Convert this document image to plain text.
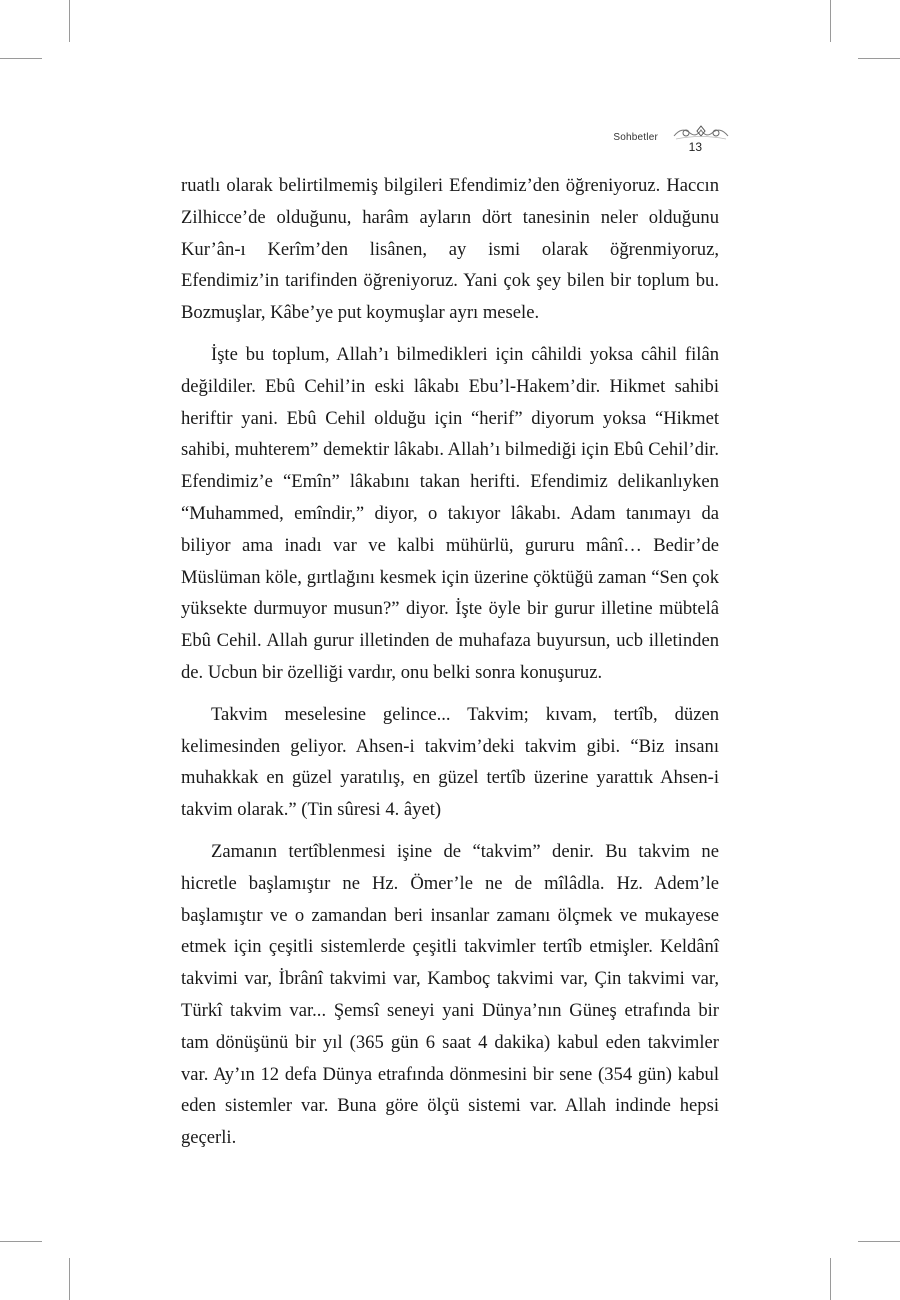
Sohbetler
13

ruatlı olarak belirtilmemiş bilgileri Efendimiz’den öğreniyoruz. Haccın Zilhicce’de olduğunu, harâm ayların dört tanesinin neler olduğunu Kur’ân-ı Kerîm’den lisânen, ay ismi olarak öğrenmiyoruz, Efendimiz’in tarifinden öğreniyoruz. Yani çok şey bilen bir toplum bu. Bozmuşlar, Kâbe’ye put koymuşlar ayrı mesele.

İşte bu toplum, Allah’ı bilmedikleri için câhildi yoksa câhil filân değildiler. Ebû Cehil’in eski lâkabı Ebu’l-Hakem’dir. Hikmet sahibi heriftir yani. Ebû Cehil olduğu için “herif” diyorum yoksa “Hikmet sahibi, muhterem” demektir lâkabı. Allah’ı bilmediği için Ebû Cehil’dir. Efendimiz’e “Emîn” lâkabını takan herifti. Efendimiz delikanlıyken “Muhammed, emîndir,” diyor, o takıyor lâkabı. Adam tanımayı da biliyor ama inadı var ve kalbi mühürlü, gururu mânî… Bedir’de Müslüman köle, gırtlağını kesmek için üzerine çöktüğü zaman “Sen çok yüksekte durmuyor musun?” diyor. İşte öyle bir gurur illetine mübtelâ Ebû Cehil. Allah gurur illetinden de muhafaza buyursun, ucb illetinden de. Ucbun bir özelliği vardır, onu belki sonra konuşuruz.

Takvim meselesine gelince... Takvim; kıvam, tertîb, düzen kelimesinden geliyor. Ahsen-i takvim’deki takvim gibi. “Biz insanı muhakkak en güzel yaratılış, en güzel tertîb üzerine yarattık Ahsen-i takvim olarak.” (Tin sûresi 4. âyet)

Zamanın tertîblenmesi işine de “takvim” denir. Bu takvim ne hicretle başlamıştır ne Hz. Ömer’le ne de mîlâdla. Hz. Adem’le başlamıştır ve o zamandan beri insanlar zamanı ölçmek ve mukayese etmek için çeşitli sistemlerde çeşitli takvimler tertîb etmişler. Keldânî takvimi var, İbrânî takvimi var, Kamboç takvimi var, Çin takvimi var, Türkî takvim var... Şemsî seneyi yani Dünya’nın Güneş etrafında bir tam dönüşünü bir yıl (365 gün 6 saat 4 dakika) kabul eden takvimler var. Ay’ın 12 defa Dünya etrafında dönmesini bir sene (354 gün) kabul eden sistemler var. Buna göre ölçü sistemi var. Allah indinde hepsi geçerli.
